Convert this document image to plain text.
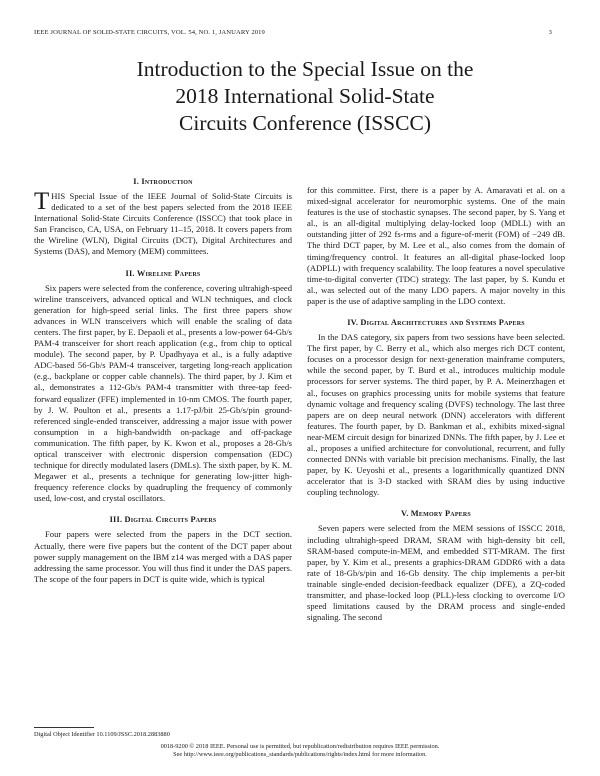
IEEE JOURNAL OF SOLID-STATE CIRCUITS, VOL. 54, NO. 1, JANUARY 2019	3
Introduction to the Special Issue on the
2018 International Solid-State
Circuits Conference (ISSCC)
I. Introduction

THIS Special Issue of the IEEE Journal of Solid-State Circuits is dedicated to a set of the best papers selected from the 2018 IEEE International Solid-State Circuits Conference (ISSCC) that took place in San Francisco, CA, USA, on February 11–15, 2018. It covers papers from the Wireline (WLN), Digital Circuits (DCT), Digital Architectures and Systems (DAS), and Memory (MEM) committees.

II. Wireline Papers

Six papers were selected from the conference, covering ultrahigh-speed wireline transceivers, advanced optical and WLN techniques, and clock generation for high-speed serial links. The first three papers show advances in WLN transceivers which will enable the scaling of data centers. The first paper, by E. Depaoli et al., presents a low-power 64-Gb/s PAM-4 transceiver for short reach application (e.g., from chip to optical module). The second paper, by P. Upadhyaya et al., is a fully adaptive ADC-based 56-Gb/s PAM-4 transceiver, targeting long-reach application (e.g., backplane or copper cable channels). The third paper, by J. Kim et al., demonstrates a 112-Gb/s PAM-4 transmitter with three-tap feed-forward equalizer (FFE) implemented in 10-nm CMOS. The fourth paper, by J. W. Poulton et al., presents a 1.17-pJ/bit 25-Gb/s/pin ground-referenced single-ended transceiver, addressing a major issue with power consumption in a high-bandwidth on-package and off-package communication. The fifth paper, by K. Kwon et al., proposes a 28-Gb/s optical transceiver with electronic dispersion compensation (EDC) technique for directly modulated lasers (DMLs). The sixth paper, by K. M. Megawer et al., presents a technique for generating low-jitter high-frequency reference clocks by quadrupling the frequency of commonly used, low-cost, and crystal oscillators.

III. Digital Circuits Papers

Four papers were selected from the papers in the DCT section. Actually, there were five papers but the content of the DCT paper about power supply management on the IBM z14 was merged with a DAS paper addressing the same processor. You will thus find it under the DAS papers. The scope of the four papers in DCT is quite wide, which is typical

for this committee. First, there is a paper by A. Amaravati et al. on a mixed-signal accelerator for neuromorphic systems. One of the main features is the use of stochastic synapses. The second paper, by S. Yang et al., is an all-digital multiplying delay-locked loop (MDLL) with an outstanding jitter of 292 fs-rms and a figure-of-merit (FOM) of −249 dB. The third DCT paper, by M. Lee et al., also comes from the domain of timing/frequency control. It features an all-digital phase-locked loop (ADPLL) with frequency scalability. The loop features a novel speculative time-to-digital converter (TDC) strategy. The last paper, by S. Kundu et al., was selected out of the many LDO papers. A major novelty in this paper is the use of adaptive sampling in the LDO context.

IV. Digital Architectures and Systems Papers

In the DAS category, six papers from two sessions have been selected. The first paper, by C. Berry et al., which also merges rich DCT content, focuses on a processor design for next-generation mainframe computers, while the second paper, by T. Burd et al., introduces multichip module processors for server systems. The third paper, by P. A. Meinerzhagen et al., focuses on graphics processing units for mobile systems that feature dynamic voltage and frequency scaling (DVFS) technology. The last three papers are on deep neural network (DNN) accelerators with different features. The fourth paper, by D. Bankman et al., exhibits mixed-signal near-MEM circuit design for binarized DNNs. The fifth paper, by J. Lee et al., proposes a unified architecture for convolutional, recurrent, and fully connected DNNs with variable bit precision mechanisms. Finally, the last paper, by K. Ueyoshi et al., presents a logarithmically quantized DNN accelerator that is 3-D stacked with SRAM dies by using inductive coupling technology.

V. Memory Papers

Seven papers were selected from the MEM sessions of ISSCC 2018, including ultrahigh-speed DRAM, SRAM with high-density bit cell, SRAM-based compute-in-MEM, and embedded STT-MRAM. The first paper, by Y. Kim et al., presents a graphics-DRAM GDDR6 with a data rate of 18-Gb/s/pin and 16-Gb density. The chip implements a per-bit trainable single-ended decision-feedback equalizer (DFE), a ZQ-coded transmitter, and phase-locked loop (PLL)-less clocking to overcome I/O speed limitations caused by the DRAM process and single-ended signaling. The second

Digital Object Identifier 10.1109/JSSC.2018.2883880
0018-9200 © 2018 IEEE. Personal use is permitted, but republication/redistribution requires IEEE permission.
See http://www.ieee.org/publications_standards/publications/rights/index.html for more information.
